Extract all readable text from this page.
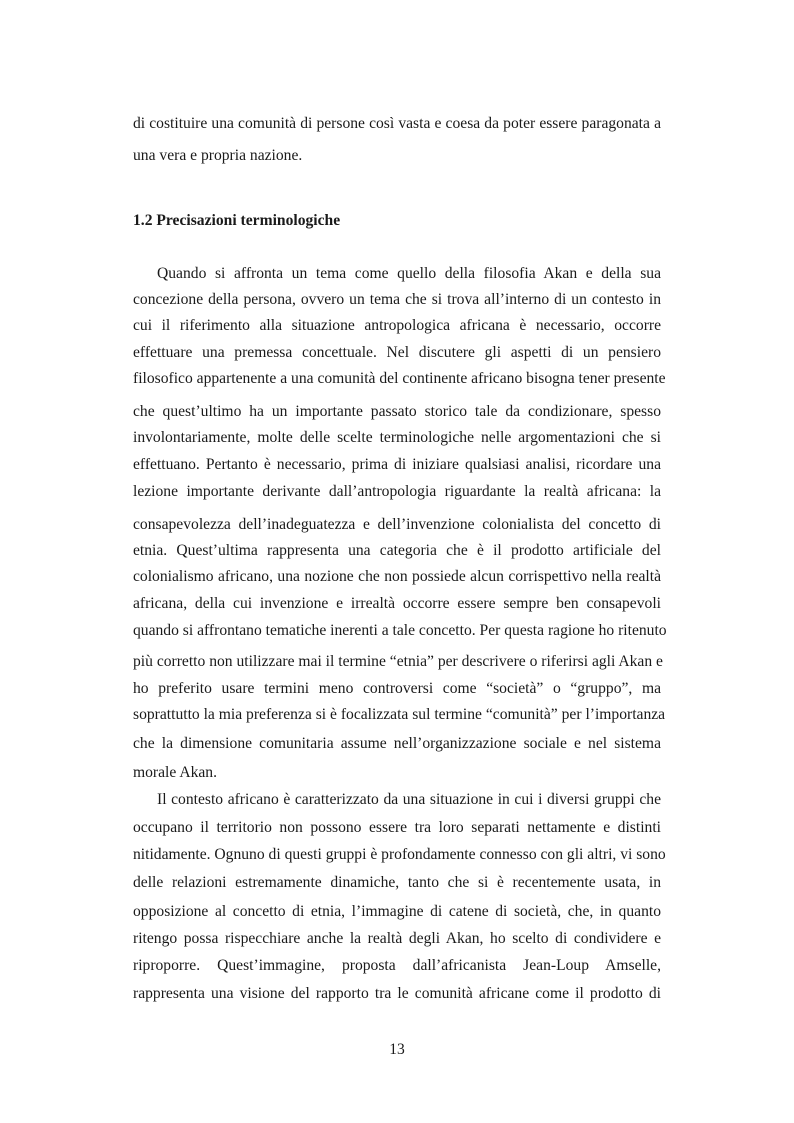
di costituire una comunità di persone così vasta e coesa da poter essere paragonata a
una vera e propria nazione.
1.2 Precisazioni terminologiche
Quando si affronta un tema come quello della filosofia Akan e della sua
concezione della persona, ovvero un tema che si trova all’interno di un contesto in
cui il riferimento alla situazione antropologica africana è necessario, occorre
effettuare una premessa concettuale. Nel discutere gli aspetti di un pensiero
filosofico appartenente a una comunità del continente africano bisogna tener presente
che quest’ultimo ha un importante passato storico tale da condizionare, spesso
involontariamente, molte delle scelte terminologiche nelle argomentazioni che si
effettuano. Pertanto è necessario, prima di iniziare qualsiasi analisi, ricordare una
lezione importante derivante dall’antropologia riguardante la realtà africana: la
consapevolezza dell’inadeguatezza e dell’invenzione colonialista del concetto di
etnia. Quest’ultima rappresenta una categoria che è il prodotto artificiale del
colonialismo africano, una nozione che non possiede alcun corrispettivo nella realtà
africana, della cui invenzione e irrealtà occorre essere sempre ben consapevoli
quando si affrontano tematiche inerenti a tale concetto. Per questa ragione ho ritenuto
più corretto non utilizzare mai il termine “etnia” per descrivere o riferirsi agli Akan e
ho preferito usare termini meno controversi come “società” o “gruppo”, ma
soprattutto la mia preferenza si è focalizzata sul termine “comunità” per l’importanza
che la dimensione comunitaria assume nell’organizzazione sociale e nel sistema
morale Akan.
Il contesto africano è caratterizzato da una situazione in cui i diversi gruppi che
occupano il territorio non possono essere tra loro separati nettamente e distinti
nitidamente. Ognuno di questi gruppi è profondamente connesso con gli altri, vi sono
delle relazioni estremamente dinamiche, tanto che si è recentemente usata, in
opposizione al concetto di etnia, l’immagine di catene di società, che, in quanto
ritengo possa rispecchiare anche la realtà degli Akan, ho scelto di condividere e
riproporre. Quest’immagine, proposta dall’africanista Jean-Loup Amselle,
rappresenta una visione del rapporto tra le comunità africane come il prodotto di
13
